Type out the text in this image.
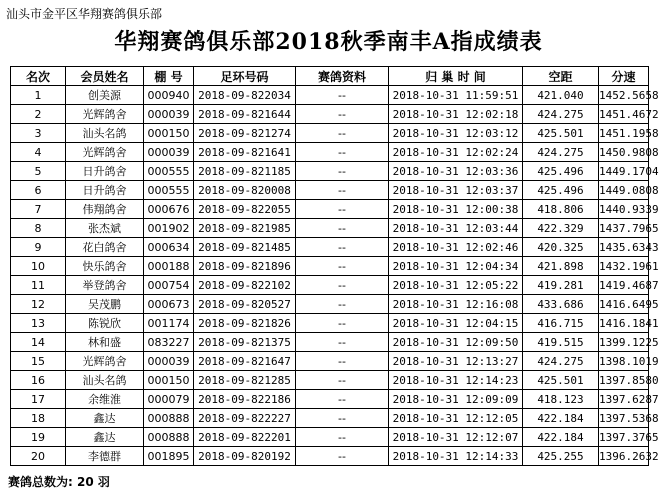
汕头市金平区华翔赛鸽俱乐部
华翔赛鸽俱乐部2018秋季南丰A指成绩表
名次	会员姓名	棚 号	足环号码	赛鸽资料	归 巢 时 间	空距	分速
1	创美源	000940	2018-09-822034	--	2018-10-31 11:59:51	421.040	1452.5658
2	光辉鸽舍	000039	2018-09-821644	--	2018-10-31 12:02:18	424.275	1451.4672
3	汕头名鸽	000150	2018-09-821274	--	2018-10-31 12:03:12	425.501	1451.1958
4	光辉鸽舍	000039	2018-09-821641	--	2018-10-31 12:02:24	424.275	1450.9808
5	日升鸽舍	000555	2018-09-821185	--	2018-10-31 12:03:36	425.496	1449.1704
6	日升鸽舍	000555	2018-09-820008	--	2018-10-31 12:03:37	425.496	1449.0808
7	伟翔鸽舍	000676	2018-09-822055	--	2018-10-31 12:00:38	418.806	1440.9339
8	张杰斌	001902	2018-09-821985	--	2018-10-31 12:03:44	422.329	1437.7965
9	花白鸽舍	000634	2018-09-821485	--	2018-10-31 12:02:46	420.325	1435.6343
10	快乐鸽舍	000188	2018-09-821896	--	2018-10-31 12:04:34	421.898	1432.1961
11	举登鸽舍	000754	2018-09-822102	--	2018-10-31 12:05:22	419.281	1419.4687
12	吴茂鹏	000673	2018-09-820527	--	2018-10-31 12:16:08	433.686	1416.6495
13	陈锐欣	001174	2018-09-821826	--	2018-10-31 12:04:15	416.715	1416.1841
14	林和盛	083227	2018-09-821375	--	2018-10-31 12:09:50	419.515	1399.1225
15	光辉鸽舍	000039	2018-09-821647	--	2018-10-31 12:13:27	424.275	1398.1019
16	汕头名鸽	000150	2018-09-821285	--	2018-10-31 12:14:23	425.501	1397.8580
17	余维淮	000079	2018-09-822186	--	2018-10-31 12:09:09	418.123	1397.6287
18	鑫达	000888	2018-09-822227	--	2018-10-31 12:12:05	422.184	1397.5368
19	鑫达	000888	2018-09-822201	--	2018-10-31 12:12:07	422.184	1397.3765
20	李德群	001895	2018-09-820192	--	2018-10-31 12:14:33	425.255	1396.2632
赛鸽总数为: 20 羽
